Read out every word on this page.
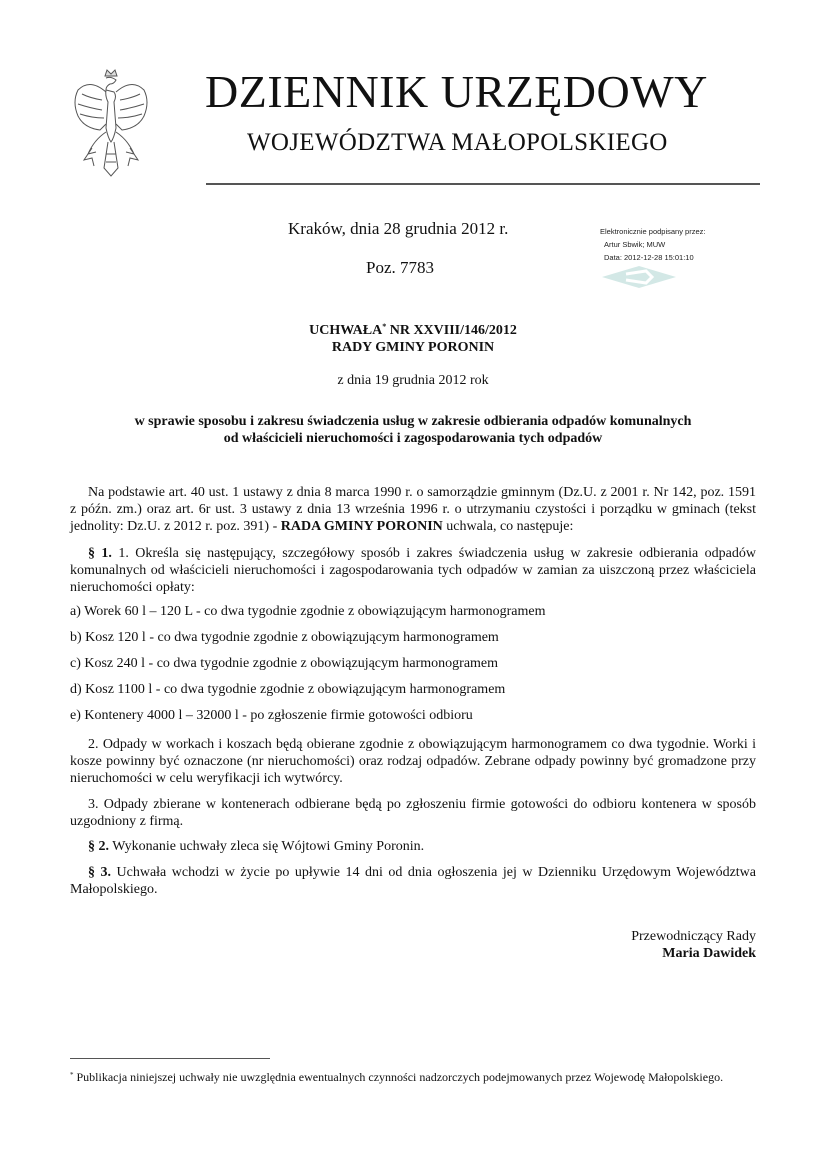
DZIENNIK URZĘDOWY
WOJEWÓDZTWA MAŁOPOLSKIEGO
Kraków, dnia 28 grudnia 2012 r.
Poz. 7783
Elektronicznie podpisany przez:
Artur Sbwik; MUW
Data: 2012-12-28 15:01:10
UCHWAŁA* NR XXVIII/146/2012
RADY GMINY PORONIN
z dnia 19 grudnia 2012 rok
w sprawie sposobu i zakresu świadczenia usług w zakresie odbierania odpadów komunalnych
od właścicieli nieruchomości i zagospodarowania tych odpadów
Na podstawie art. 40 ust. 1 ustawy z dnia 8 marca 1990 r. o samorządzie gminnym (Dz.U. z 2001 r. Nr 142, poz. 1591 z późn. zm.) oraz art. 6r ust. 3 ustawy z dnia 13 września 1996 r. o utrzymaniu czystości i porządku w gminach (tekst jednolity: Dz.U. z 2012 r. poz. 391) - RADA GMINY PORONIN uchwala, co następuje:
§ 1. 1. Określa się następujący, szczegółowy sposób i zakres świadczenia usług w zakresie odbierania odpadów komunalnych od właścicieli nieruchomości i zagospodarowania tych odpadów w zamian za uiszczoną przez właściciela nieruchomości opłaty:
a) Worek 60 l – 120 L - co dwa tygodnie zgodnie z obowiązującym harmonogramem
b) Kosz 120 l - co dwa tygodnie zgodnie z obowiązującym harmonogramem
c) Kosz 240 l - co dwa tygodnie zgodnie z obowiązującym harmonogramem
d) Kosz 1100 l - co dwa tygodnie zgodnie z obowiązującym harmonogramem
e) Kontenery 4000 l – 32000 l - po zgłoszenie firmie gotowości odbioru
2. Odpady w workach i koszach będą obierane zgodnie z obowiązującym harmonogramem co dwa tygodnie. Worki i kosze powinny być oznaczone (nr nieruchomości) oraz rodzaj odpadów. Zebrane odpady powinny być gromadzone przy nieruchomości w celu weryfikacji ich wytwórcy.
3. Odpady zbierane w kontenerach odbierane będą po zgłoszeniu firmie gotowości do odbioru kontenera w sposób uzgodniony z firmą.
§ 2. Wykonanie uchwały zleca się Wójtowi Gminy Poronin.
§ 3. Uchwała wchodzi w życie po upływie 14 dni od dnia ogłoszenia jej w Dzienniku Urzędowym Województwa Małopolskiego.
Przewodniczący Rady
Maria Dawidek
* Publikacja niniejszej uchwały nie uwzględnia ewentualnych czynności nadzorczych podejmowanych przez Wojewodę Małopolskiego.
